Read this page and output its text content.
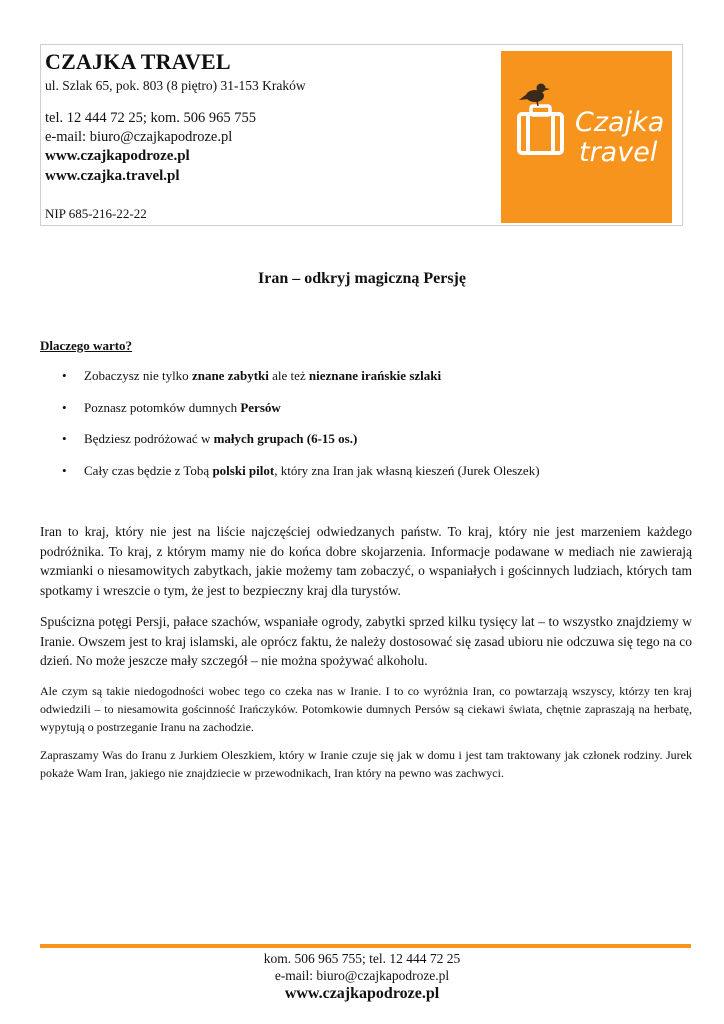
CZAJKA TRAVEL
ul. Szlak 65, pok. 803 (8 piętro) 31-153 Kraków
tel. 12 444 72 25; kom. 506 965 755
e-mail: biuro@czajkapodroze.pl
www.czajkapodroze.pl
www.czajka.travel.pl
NIP 685-216-22-22
Czajka
travel
Iran – odkryj magiczną Persję
Dlaczego warto?
• Zobaczysz nie tylko znane zabytki ale też nieznane irańskie szlaki
• Poznasz potomków dumnych Persów
• Będziesz podróżować w małych grupach (6-15 os.)
• Cały czas będzie z Tobą polski pilot, który zna Iran jak własną kieszeń (Jurek Oleszek)

Iran to kraj, który nie jest na liście najczęściej odwiedzanych państw. To kraj, który nie jest marzeniem każdego podróżnika. To kraj, z którym mamy nie do końca dobre skojarzenia. Informacje podawane w mediach nie zawierają wzmianki o niesamowitych zabytkach, jakie możemy tam zobaczyć, o wspaniałych i gościnnych ludziach, których tam spotkamy i wreszcie o tym, że jest to bezpieczny kraj dla turystów.

Spuścizna potęgi Persji, pałace szachów, wspaniałe ogrody, zabytki sprzed kilku tysięcy lat – to wszystko znajdziemy w Iranie. Owszem jest to kraj islamski, ale oprócz faktu, że należy dostosować się zasad ubioru nie odczuwa się tego na co dzień. No może jeszcze mały szczegół – nie można spożywać alkoholu.

Ale czym są takie niedogodności wobec tego co czeka nas w Iranie. I to co wyróżnia Iran, co powtarzają wszyscy, którzy ten kraj odwiedzili – to niesamowita gościnność Irańczyków. Potomkowie dumnych Persów są ciekawi świata, chętnie zapraszają na herbatę, wypytują o postrzeganie Iranu na zachodzie.

Zapraszamy Was do Iranu z Jurkiem Oleszkiem, który w Iranie czuje się jak w domu i jest tam traktowany jak członek rodziny. Jurek pokaże Wam Iran, jakiego nie znajdziecie w przewodnikach, Iran który na pewno was zachwyci.

kom. 506 965 755; tel. 12 444 72 25
e-mail: biuro@czajkapodroze.pl
www.czajkapodroze.pl
